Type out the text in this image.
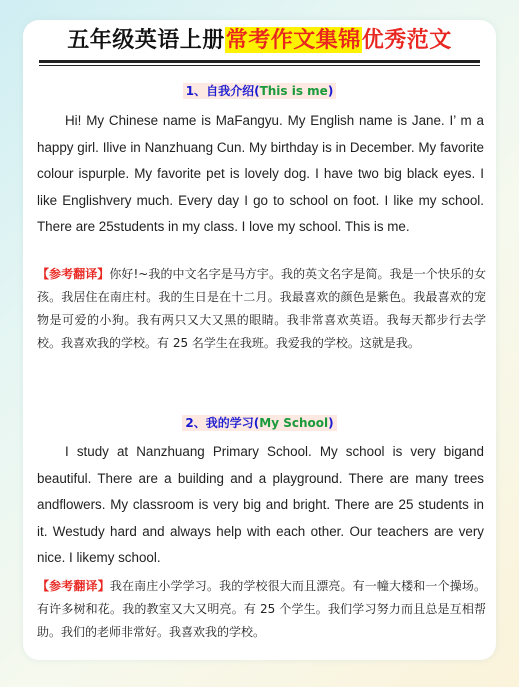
五年级英语上册常考作文集锦优秀范文
1、自我介绍(This is me)
Hi! My Chinese name is MaFangyu. My English name is Jane. I’ m a happy girl. Ilive in Nanzhuang Cun. My birthday is in December. My favorite colour ispurple. My favorite pet is lovely dog. I have two big black eyes. I like Englishvery much. Every day I go to school on foot. I like my school. There are 25students in my class. I love my school. This is me.
【参考翻译】你好!~我的中文名字是马方宇。我的英文名字是简。我是一个快乐的女孩。我居住在南庄村。我的生日是在十二月。我最喜欢的颜色是紫色。我最喜欢的宠物是可爱的小狗。我有两只又大又黑的眼睛。我非常喜欢英语。我每天都步行去学校。我喜欢我的学校。有 25 名学生在我班。我爱我的学校。这就是我。
2、我的学习(My School)
I study at Nanzhuang Primary School. My school is very bigand beautiful. There are a building and a playground. There are many trees andflowers. My classroom is very big and bright. There are 25 students in it. Westudy hard and always help with each other. Our teachers are very nice. I likemy school.
【参考翻译】我在南庄小学学习。我的学校很大而且漂亮。有一幢大楼和一个操场。有许多树和花。我的教室又大又明亮。有 25 个学生。我们学习努力而且总是互相帮助。我们的老师非常好。我喜欢我的学校。
